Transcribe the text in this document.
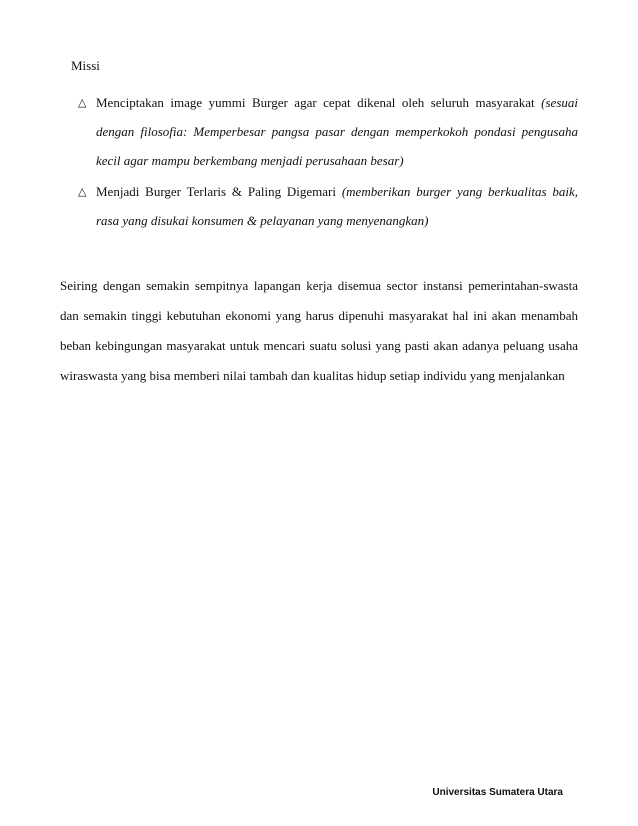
Missi
△ Menciptakan image yummi Burger agar cepat dikenal oleh seluruh masyarakat (sesuai dengan filosofia: Memperbesar pangsa pasar dengan memperkokoh pondasi pengusaha kecil agar mampu berkembang menjadi perusahaan besar)
△ Menjadi Burger Terlaris & Paling Digemari (memberikan burger yang berkualitas baik, rasa yang disukai konsumen & pelayanan yang menyenangkan)

Seiring dengan semakin sempitnya lapangan kerja disemua sector instansi pemerintahan-swasta dan semakin tinggi kebutuhan ekonomi yang harus dipenuhi masyarakat hal ini akan menambah beban kebingungan masyarakat untuk mencari suatu solusi yang pasti akan adanya peluang usaha wiraswasta yang bisa memberi nilai tambah dan kualitas hidup setiap individu yang menjalankan

Universitas Sumatera Utara
